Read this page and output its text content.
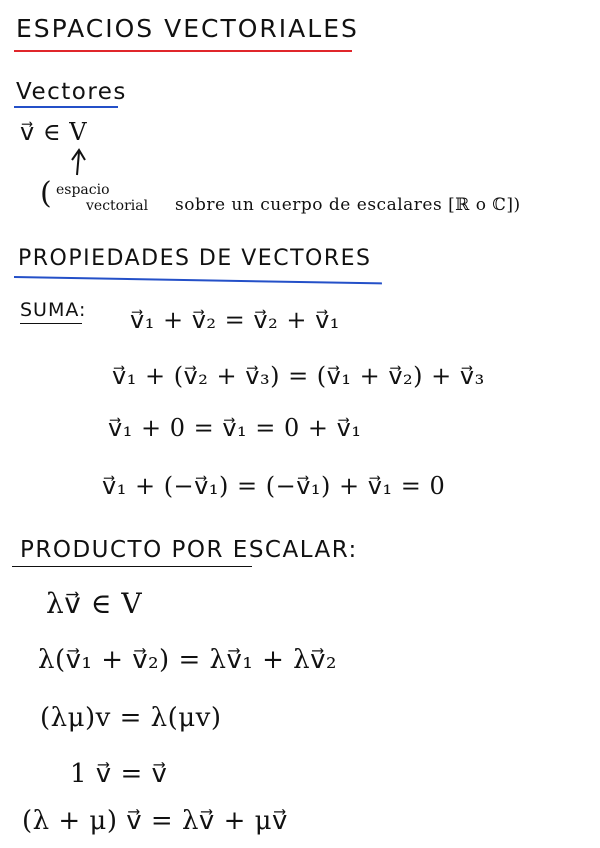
ESPACIOS VECTORIALES
Vectores
v⃗ ∈ V
( espacio
vectorial sobre un cuerpo de escalares [ℝ o ℂ])
PROPIEDADES DE VECTORES
SUMA: v⃗₁ + v⃗₂ = v⃗₂ + v⃗₁
v⃗₁ + (v⃗₂ + v⃗₃) = (v⃗₁ + v⃗₂) + v⃗₃
v⃗₁ + 0 = v⃗₁ = 0 + v⃗₁
v⃗₁ + (−v⃗₁) = (−v⃗₁) + v⃗₁ = 0
PRODUCTO POR ESCALAR:
λv⃗ ∈ V
λ(v⃗₁ + v⃗₂) = λv⃗₁ + λv⃗₂
(λμ)v = λ(μv)
1 v⃗ = v⃗
(λ + μ) v⃗ = λv⃗ + μv⃗
